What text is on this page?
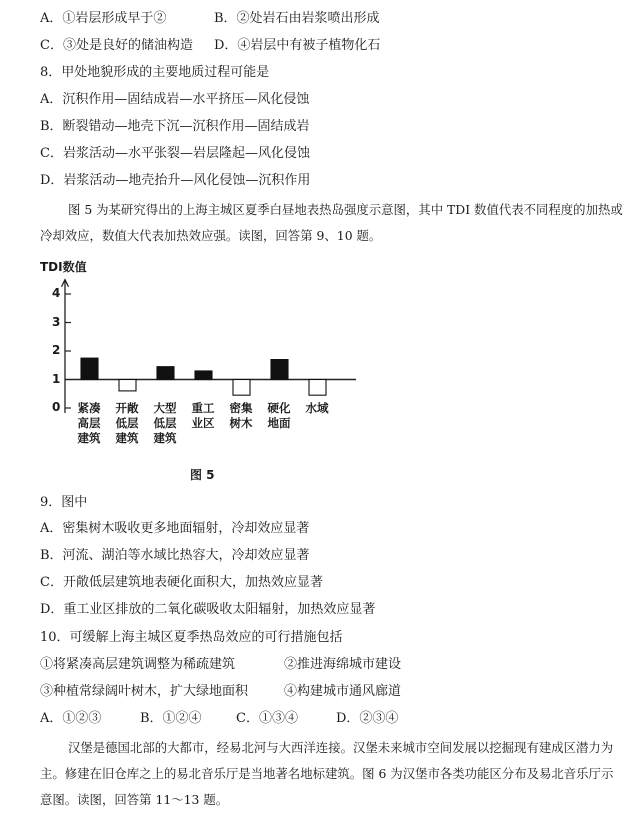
A．①岩层形成早于②	B．②处岩石由岩浆喷出形成
C．③处是良好的储油构造 D．④岩层中有被子植物化石
8．甲处地貌形成的主要地质过程可能是
A．沉积作用—固结成岩—水平挤压—风化侵蚀
B．断裂错动—地壳下沉—沉积作用—固结成岩
C．岩浆活动—水平张裂—岩层隆起—风化侵蚀
D．岩浆活动—地壳抬升—风化侵蚀—沉积作用
图 5 为某研究得出的上海主城区夏季白昼地表热岛强度示意图，其中 TDI 数值代表不同程度的加热或
冷却效应，数值大代表加热效应强。读图，回答第 9、10 题。
TDI数值
紧凑高层建筑
开敞低层建筑
大型低层建筑
重工业区
密集树木
硬化地面
水域
0
1
2
3
4
图 5
9．图中
A．密集树木吸收更多地面辐射，冷却效应显著
B．河流、湖泊等水域比热容大，冷却效应显著
C．开敞低层建筑地表硬化面积大，加热效应显著
D．重工业区排放的二氧化碳吸收太阳辐射，加热效应显著
10．可缓解上海主城区夏季热岛效应的可行措施包括
①将紧凑高层建筑调整为稀疏建筑	②推进海绵城市建设
③种植常绿阔叶树木，扩大绿地面积	④构建城市通风廊道
A．①②③	B．①②④	C．①③④	D．②③④
汉堡是德国北部的大都市，经易北河与大西洋连接。汉堡未来城市空间发展以挖掘现有建成区潜力为
主。修建在旧仓库之上的易北音乐厅是当地著名地标建筑。图 6 为汉堡市各类功能区分布及易北音乐厅示
意图。读图，回答第 11～13 题。
